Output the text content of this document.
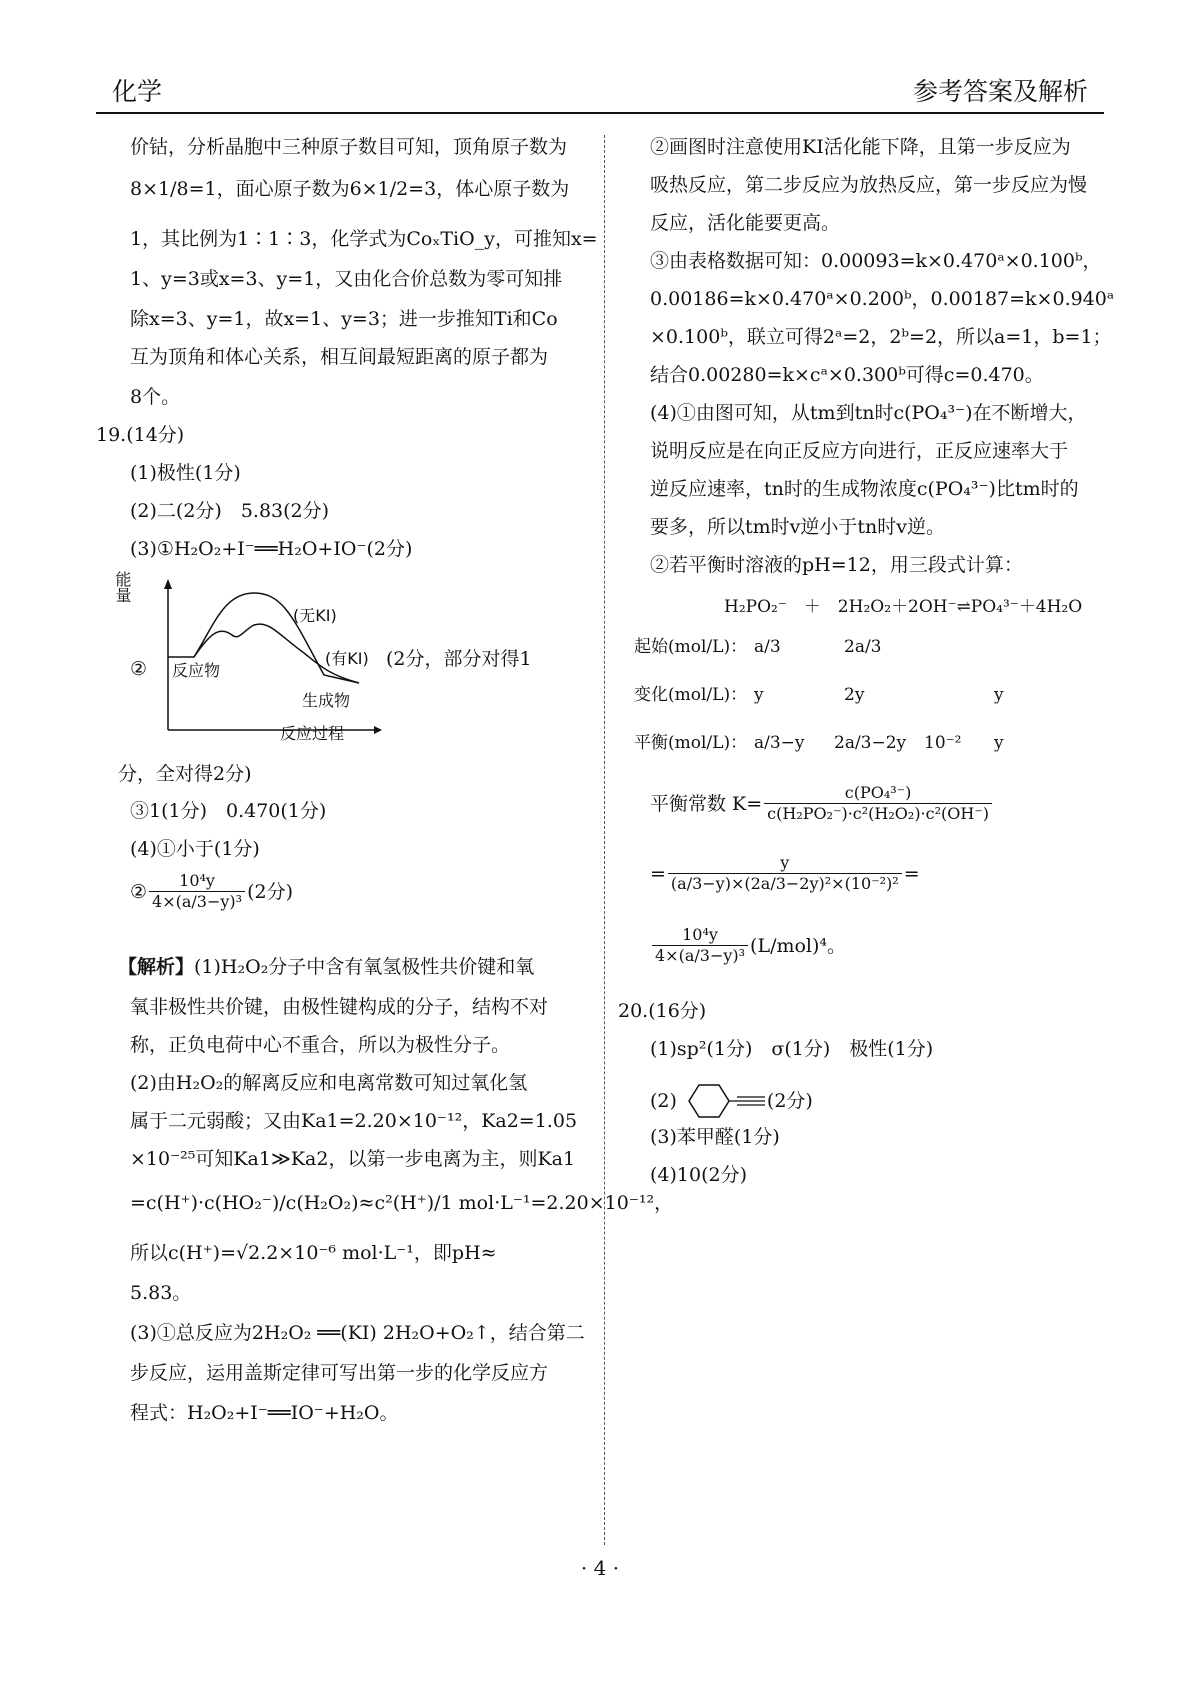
化学	参考答案及解析
价钴，分析晶胞中三种原子数目可知，顶角原子数为
8×1/8=1，面心原子数为6×1/2=3，体心原子数为
1，其比例为1∶1∶3，化学式为CoₓTiO_y，可推知x=
1、y=3或x=3、y=1，又由化合价总数为零可知排
除x=3、y=1，故x=1、y=3；进一步推知Ti和Co
互为顶角和体心关系，相互间最短距离的原子都为
8个。
19.(14分)
(1)极性(1分)
(2)二(2分)　5.83(2分)
(3)①H₂O₂+I⁻══H₂O+IO⁻(2分)
②
能量
反应物
生成物
(无KI)
(有KI) (2分，部分对得1
反应过程
分，全对得2分)
③1(1分)　0.470(1分)
(4)①小于(1分)
② $\frac{\text{10⁴y}}{\text{4×(a/3−y)³}} (2$分)
【解析】(1)H₂O₂分子中含有氧氢极性共价键和氧
氧非极性共价键，由极性键构成的分子，结构不对
称，正负电荷中心不重合，所以为极性分子。
(2)由H₂O₂的解离反应和电离常数可知过氧化氢
属于二元弱酸；又由Ka1=2.20×10⁻¹²，Ka2=1.05
×10⁻²⁵可知Ka1≫Ka2，以第一步电离为主，则Ka1
=c(H⁺)·c(HO₂⁻)/c(H₂O₂)≈c²(H⁺)/1 mol·L⁻¹=2.20×10⁻¹²，
所以c(H⁺)=√2.2×10⁻⁶ mol·L⁻¹，即pH≈
5.83。
(3)①总反应为2H₂O₂ ══(KI) 2H₂O+O₂↑，结合第二
步反应，运用盖斯定律可写出第一步的化学反应方
程式：H₂O₂+I⁻══IO⁻+H₂O。
②画图时注意使用KI活化能下降，且第一步反应为
吸热反应，第二步反应为放热反应，第一步反应为慢
反应，活化能要更高。
③由表格数据可知：0.00093=k×0.470ᵃ×0.100ᵇ，
0.00186=k×0.470ᵃ×0.200ᵇ，0.00187=k×0.940ᵃ
×0.100ᵇ，联立可得2ᵃ=2，2ᵇ=2，所以a=1，b=1；
结合0.00280=k×cᵃ×0.300ᵇ可得c=0.470。
(4)①由图可知，从tm到tn时c(PO₄³⁻)在不断增大，
说明反应是在向正反应方向进行，正反应速率大于
逆反应速率，tn时的生成物浓度c(PO₄³⁻)比tm时的
要多，所以tm时v逆小于tn时v逆。
②若平衡时溶液的pH=12，用三段式计算：
H₂PO₂⁻　＋　2H₂O₂＋2OH⁻⇌PO₄³⁻＋4H₂O
起始(mol/L)： a/3	2a/3
变化(mol/L)： y	2y	y
平衡(mol/L)： a/3−y 2a/3−2y 10⁻² y
平衡常数 $K= \frac{\text{c(PO₄³⁻)}}{\text{c(H₂PO₂⁻)·c²(H₂O₂)·c²(OH⁻)}}$
= $\frac{y}{\text{(a/3−y)×(2a/3−2y)²×(10⁻²)²}}$ =
$\frac{\text{10⁴y}}{\text{4×(a/3−y)³}} (L/mol)^4$。
20.(16分)
(1)sp²(1分)　σ(1分)　极性(1分)
(2)	(2分)
(3)苯甲醛(1分)
(4)10(2分)
· 4 ·
